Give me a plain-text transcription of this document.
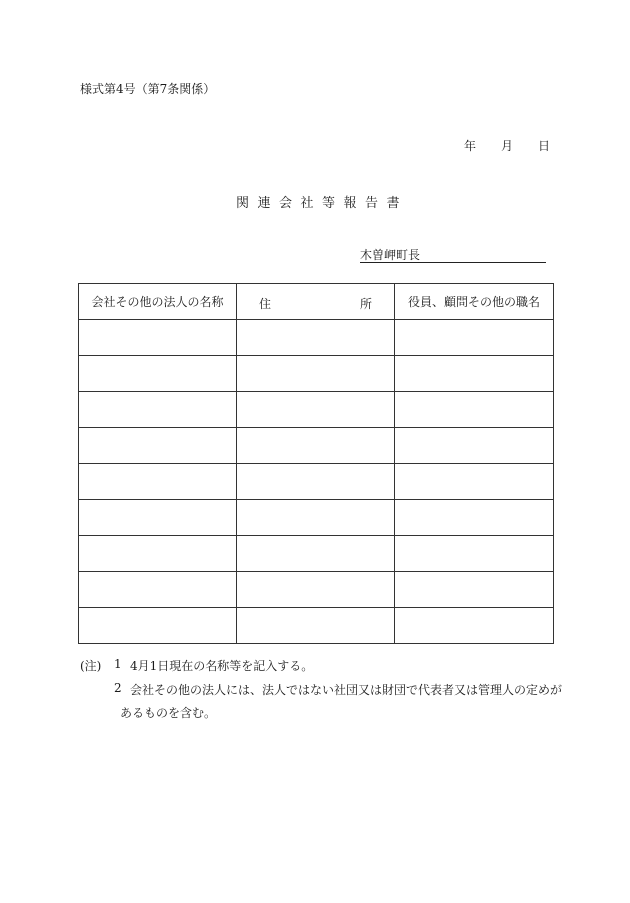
様式第4号（第7条関係）
年 月 日
関連会社等報告書
木曽岬町長
会社その他の法人の名称	住 所	役員、顧問その他の職名

(注) 1 4月1日現在の名称等を記入する。
2 会社その他の法人には、法人ではない社団又は財団で代表者又は管理人の定めが
あるものを含む。
